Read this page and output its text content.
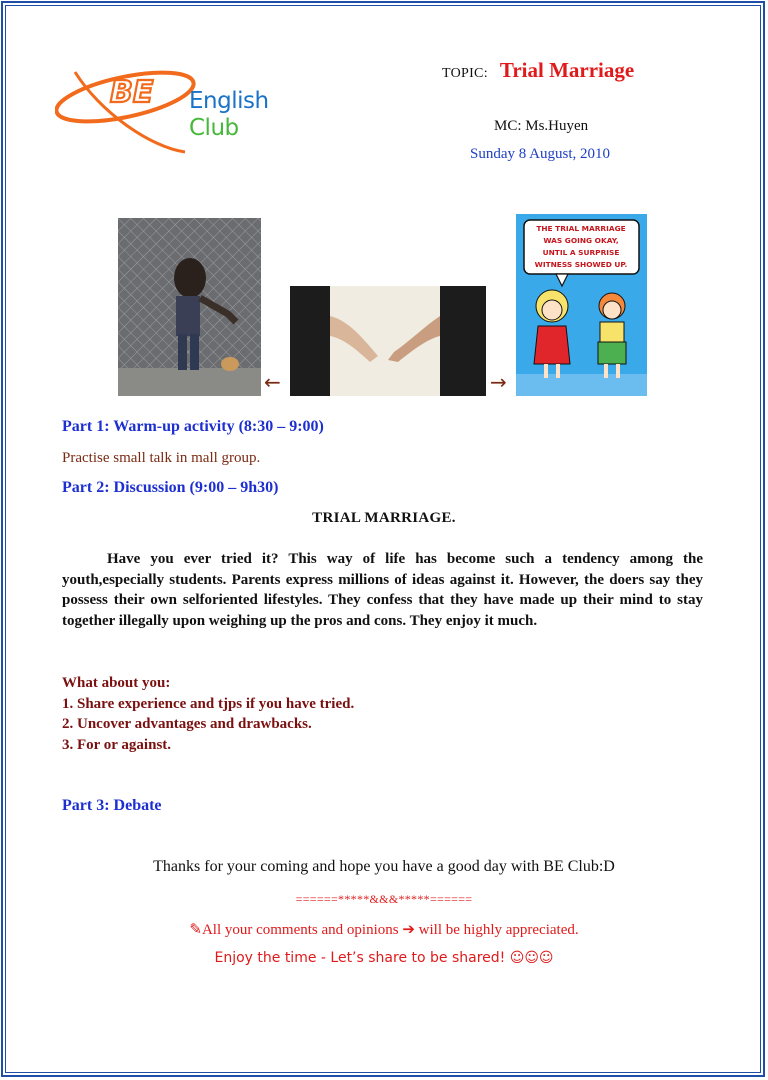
BE English
Club
TOPIC: Trial Marriage
MC: Ms.Huyen
Sunday 8 August, 2010
THE TRIAL MARRIAGE
WAS GOING OKAY,
UNTIL A SURPRISE
WITNESS SHOWED UP.
←	→
Part 1: Warm-up activity (8:30 – 9:00)
Practise small talk in mall group.
Part 2: Discussion (9:00 – 9h30)
TRIAL MARRIAGE.

Have you ever tried it? This way of life has become such a tendency among the youth,especially students. Parents express millions of ideas against it. However, the doers say they possess their own selforiented lifestyles. They confess that they have made up their mind to stay together illegally upon weighing up the pros and cons. They enjoy it much.

What about you:
1. Share experience and tjps if you have tried.
2. Uncover advantages and drawbacks.
3. For or against.
Part 3: Debate
Thanks for your coming and hope you have a good day with BE Club:D
======*****&&&*****======
✎All your comments and opinions ➔ will be highly appreciated.
Enjoy the time - Let’s share to be shared! ☺☺☺
